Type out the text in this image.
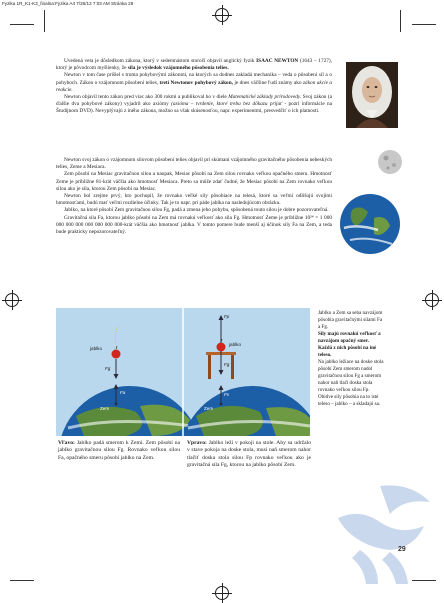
Fyzika 1R_K1-K2_finalna:Fyzika A4 7/26/12 7:03 AM Stránka 29

Uvedená veta je dôsledkom zákona, ktorý v sedemnástom storočí objavil anglický fyzik ISAAC NEWTON (1643 – 1727), ktorý je pôvodcom myšlienky, že sila je výsledok vzájomného pôsobenia telies.

Newton v tom čase prišiel s troma pohybovými zákonmi, na ktorých sa dodnes zakladá mechanika – veda o pôsobení síl a o pohyboch. Zákon o vzájomnom pôsobení telies, tretí Newtonov pohybový zákon, je dnes väčšine ľudí známy ako zákon akcie a reakcie.

Newton objavil tento zákon pred viac ako 300 rokmi a publikoval ho v diele Matematické základy prírodovedy. Svoj zákon (a ďalšie dva pohybové zákony) vyjadril ako axiómy (axióma – tvrdenie, ktoré treba bez dôkazu prijať - pozri informácie na Študijnom DVD). Nevyplývajú z iného zákona, možno sa však skúsenosťou, napr. experimentmi, presvedčiť o ich platnosti.

Newton svoj zákon o vzájomnom silovom pôsobení telies objavil pri skúmaní vzájomného gravitačného pôsobenia nebeských telies, Zeme a Mesiaca.

Zem pôsobí na Mesiac gravitačnou silou a naopak, Mesiac pôsobí na Zem silou rovnako veľkou opačného smeru. Hmotnosť Zeme je približne 81-krát väčšia ako hmotnosť Mesiaca. Preto sa môže zdať čudné, že Mesiac pôsobí na Zem rovnako veľkou silou ako je sila, ktorou Zem pôsobí na Mesiac.

Newton bol zrejme prvý, kto pochopil, že rovnako veľké sily pôsobiace na telesá, ktoré sa veľmi odlišujú svojimi hmotnosťami, budú mať veľmi rozdielne účinky. Tak je to napr. pri páde jablka na nasledujúcom obrázku.

Jablko, na ktoré pôsobí Zem gravitačnou silou Fg, padá a zmena jeho pohybu, spôsobená touto silou je dobre pozorovateľná.

Gravitačná sila Fa, ktorou jablko pôsobí na Zem má rovnakú veľkosť ako sila Fg. Hmotnosť Zeme je približne 10²⁴ = 1 000 000 000 000 000 000 000 000-krát väčšia ako hmotnosť jablka. V tomto pomere bude menší aj účinok sily Fa na Zem, a teda bude prakticky nepozorovateľný.

jablko
Fg
Fa
Zem
Fp
jablko
Fg
Fs
Zem

Jablko a Zem sa seba navzájom pôsobia gravitačnými silami Fa a Fg.

Sily majú rovnakú veľkosť a navzájom opačný smer. Každá z nich pôsobí na iné teleso.

Na jablko ležiace na doske stola pôsobí Zem smerom nadol gravitačnou silou Fg a smerom nahor naň tlačí doska stola rovnako veľkou silou Fp. Obidve sily pôsobia na to isté teleso – jablko – a skladajú sa.

Vľavo: Jablko padá smerom k Zemi. Zem pôsobí na jablko gravitačnou silou Fg. Rovnako veľkou silou Fa, opačného smeru pôsobí jablko na Zem.

Vpravo: Jablko leží v pokoji na stole. Aby sa udržalo v stave pokoja na doske stola, musí naň smerom nahor tlačiť doska stola silou Fp rovnako veľkou ako je gravitačná sila Fg, ktorou na jablko pôsobí Zem.

29
